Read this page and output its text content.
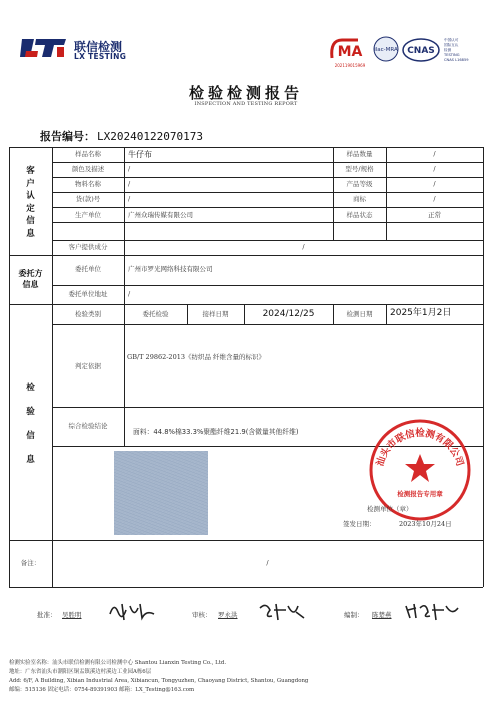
联信检测
LX TESTING	MA
202119015969
ilac-MRA CNAS
中国认可
国际互认
检测
TESTING
CNAS L16859
检验检测报告
INSPECTION AND TESTING REPORT
报告编号： LX20240122070173
客户认定信息
样品名称	牛仔布	样品数量	/
颜色及描述	/	型号/规格	/
物料名称	/	产品等级	/
货(款)号	/	商标	/
生产单位	广州众瑞传媒有限公司	样品状态	正常
客户提供成分	/
委托方信息
委托单位	广州市罗光网络科技有限公司
委托单位地址	/
检验信息
检验类别	委托检验	接样日期	2024/12/25	检测日期	2025年1月2日
判定依据
GB/T 29862-2013《纺织品 纤维含量的标识》
综合检验结论
面料：44.8%棉33.3%聚酯纤维21.9(含微量其他纤维)
汕头市联信检测有限公司
检测报告专用章
检测单位（章）
签发日期：	2023年10月24日
备注：	/
批准： 吴胜明	审核： 罗永洪	编制： 陈楚燕
检测实验室名称：汕头市联信检测有限公司检测中心 Shantou Lianxin Testing Co., Ltd.
地址：广东省汕头市潮阳区铜盂镇溪边村溪边工业园A栋6层
Add: 6/F, A Building, Xibian Industrial Area, Xibiancun, Tongyuzhen, Chaoyang District, Shantou, Guangdong
邮编：515136 固定电话：0754-89391903 邮箱：LX_Testing@163.com
